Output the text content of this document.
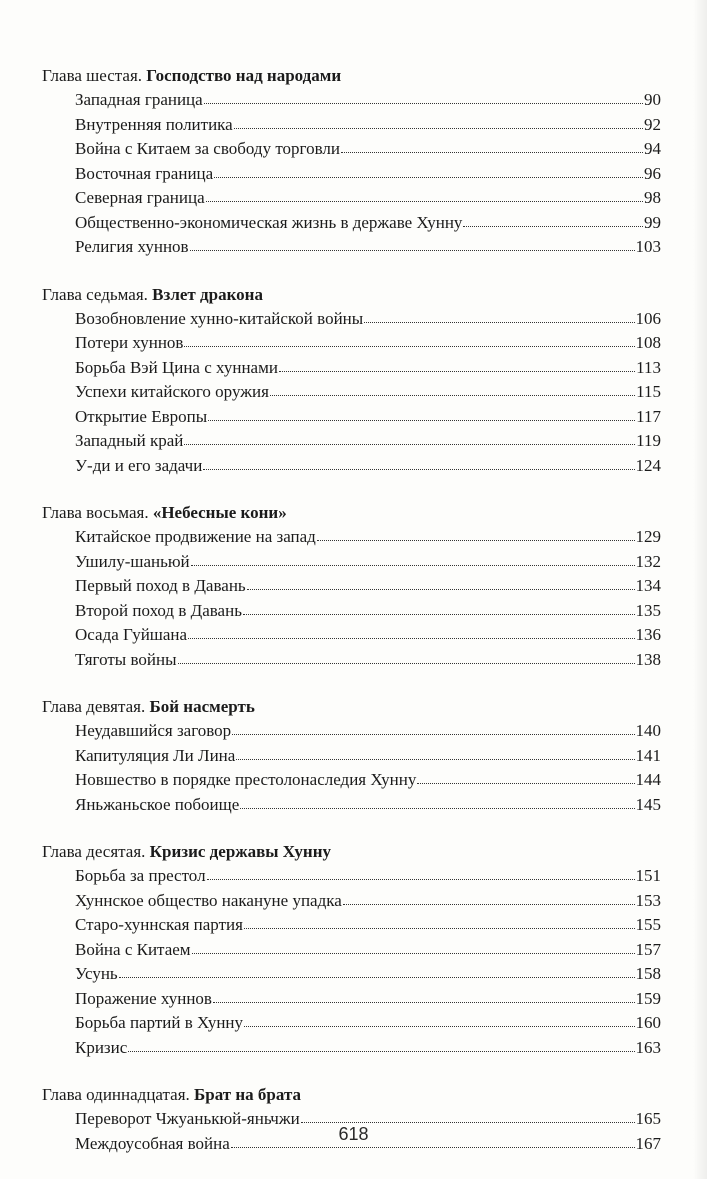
Глава шестая. Господство над народами
Западная граница	90
Внутренняя политика	92
Война с Китаем за свободу торговли	94
Восточная граница	96
Северная граница	98
Общественно-экономическая жизнь в державе Хунну	99
Религия хуннов	103
Глава седьмая. Взлет дракона
Возобновление хунно-китайской войны	106
Потери хуннов	108
Борьба Вэй Цина с хуннами	113
Успехи китайского оружия	115
Открытие Европы	117
Западный край	119
У-ди и его задачи	124
Глава восьмая. «Небесные кони»
Китайское продвижение на запад	129
Ушилу-шаньюй	132
Первый поход в Давань	134
Второй поход в Давань	135
Осада Гуйшана	136
Тяготы войны	138
Глава девятая. Бой насмерть
Неудавшийся заговор	140
Капитуляция Ли Лина	141
Новшество в порядке престолонаследия Хунну	144
Яньжаньское побоище	145
Глава десятая. Кризис державы Хунну
Борьба за престол	151
Хуннское общество накануне упадка	153
Старо-хуннская партия	155
Война с Китаем	157
Усунь	158
Поражение хуннов	159
Борьба партий в Хунну	160
Кризис	163
Глава одиннадцатая. Брат на брата
Переворот Чжуанькюй-яньчжи	165
Междоусобная война	167
618
